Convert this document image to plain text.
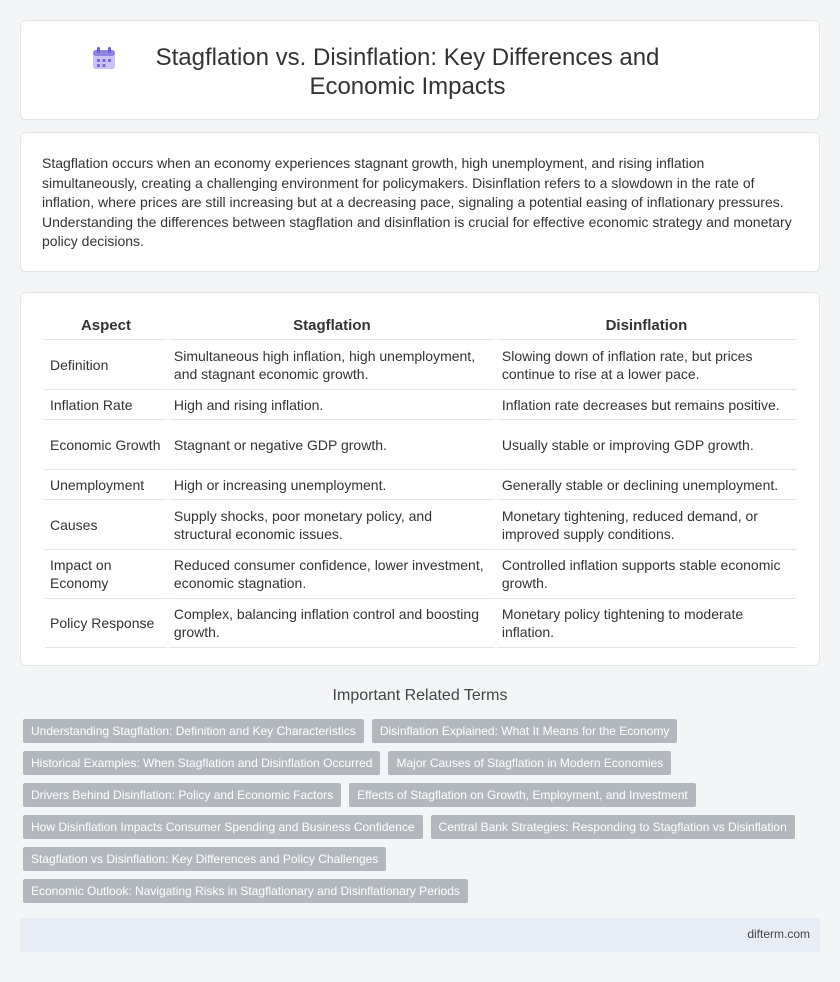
Stagflation vs. Disinflation: Key Differences and Economic Impacts

Stagflation occurs when an economy experiences stagnant growth, high unemployment, and rising inflation simultaneously, creating a challenging environment for policymakers. Disinflation refers to a slowdown in the rate of inflation, where prices are still increasing but at a decreasing pace, signaling a potential easing of inflationary pressures. Understanding the differences between stagflation and disinflation is crucial for effective economic strategy and monetary policy decisions.

Aspect	Stagflation	Disinflation
Definition	Simultaneous high inflation, high unemployment, and stagnant economic growth.	Slowing down of inflation rate, but prices continue to rise at a lower pace.
Inflation Rate	High and rising inflation.	Inflation rate decreases but remains positive.
Economic Growth	Stagnant or negative GDP growth.	Usually stable or improving GDP growth.
Unemployment	High or increasing unemployment.	Generally stable or declining unemployment.
Causes	Supply shocks, poor monetary policy, and structural economic issues.	Monetary tightening, reduced demand, or improved supply conditions.
Impact on Economy	Reduced consumer confidence, lower investment, economic stagnation.	Controlled inflation supports stable economic growth.
Policy Response	Complex, balancing inflation control and boosting growth.	Monetary policy tightening to moderate inflation.
Important Related Terms
Understanding Stagflation: Definition and Key Characteristics	Disinflation Explained: What It Means for the Economy
Historical Examples: When Stagflation and Disinflation Occurred	Major Causes of Stagflation in Modern Economies
Drivers Behind Disinflation: Policy and Economic Factors	Effects of Stagflation on Growth, Employment, and Investment
How Disinflation Impacts Consumer Spending and Business Confidence	Central Bank Strategies: Responding to Stagflation vs Disinflation
Stagflation vs Disinflation: Key Differences and Policy Challenges
Economic Outlook: Navigating Risks in Stagflationary and Disinflationary Periods
difterm.com
